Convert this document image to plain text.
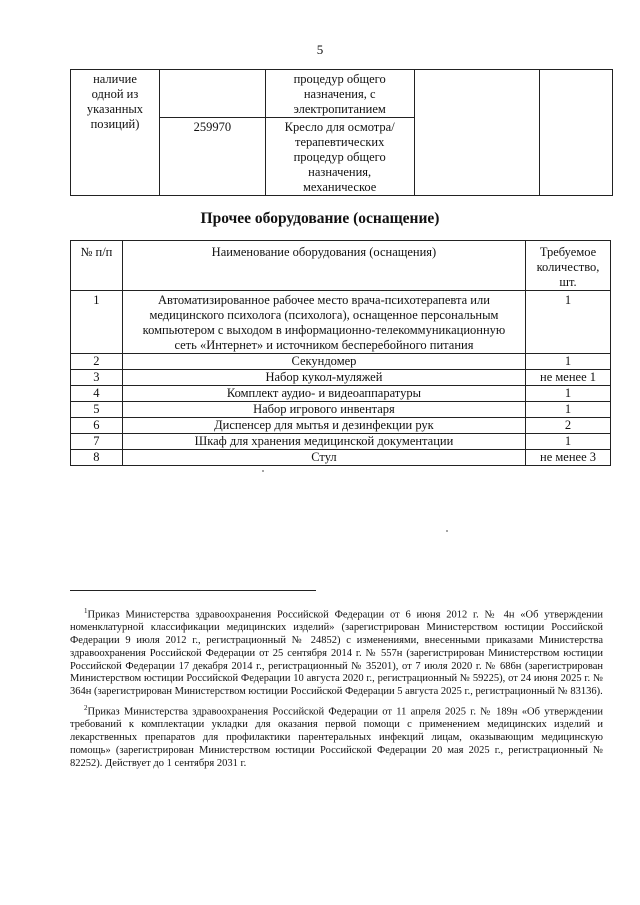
5
наличие одной из указанных позиций)		процедур общего назначения, с электропитанием		

	259970	Кресло для осмотра/ терапевтических процедур общего назначения, механическое		
Прочее оборудование (оснащение)
№ п/п	Наименование оборудования (оснащения)	Требуемое количество, шт.

1	Автоматизированное рабочее место врача-психотерапевта или медицинского психолога (психолога), оснащенное персональным компьютером с выходом в информационно-телекоммуникационную сеть «Интернет» и источником бесперебойного питания	1
2	Секундомер	1
3	Набор кукол-муляжей	не менее 1
4	Комплект аудио- и видеоаппаратуры	1
5	Набор игрового инвентаря	1
6	Диспенсер для мытья и дезинфекции рук	2
7	Шкаф для хранения медицинской документации	1
8	Стул	не менее 3
$^1$Приказ Министерства здравоохранения Российской Федерации от 6 июня 2012 г. № 4н «Об утверждении номенклатурной классификации медицинских изделий» (зарегистрирован Министерством юстиции Российской Федерации 9 июля 2012 г., регистрационный № 24852) с изменениями, внесенными приказами Министерства здравоохранения Российской Федерации от 25 сентября 2014 г. № 557н (зарегистрирован Министерством юстиции Российской Федерации 17 декабря 2014 г., регистрационный № 35201), от 7 июля 2020 г. № 686н (зарегистрирован Министерством юстиции Российской Федерации 10 августа 2020 г., регистрационный № 59225), от 24 июня 2025 г. № 364н (зарегистрирован Министерством юстиции Российской Федерации 5 августа 2025 г., регистрационный № 83136).
$^2$Приказ Министерства здравоохранения Российской Федерации от 11 апреля 2025 г. № 189н «Об утверждении требований к комплектации укладки для оказания первой помощи с применением медицинских изделий и лекарственных препаратов для профилактики парентеральных инфекций лицам, оказывающим медицинскую помощь» (зарегистрирован Министерством юстиции Российской Федерации 20 мая 2025 г., регистрационный № 82252). Действует до 1 сентября 2031 г.
